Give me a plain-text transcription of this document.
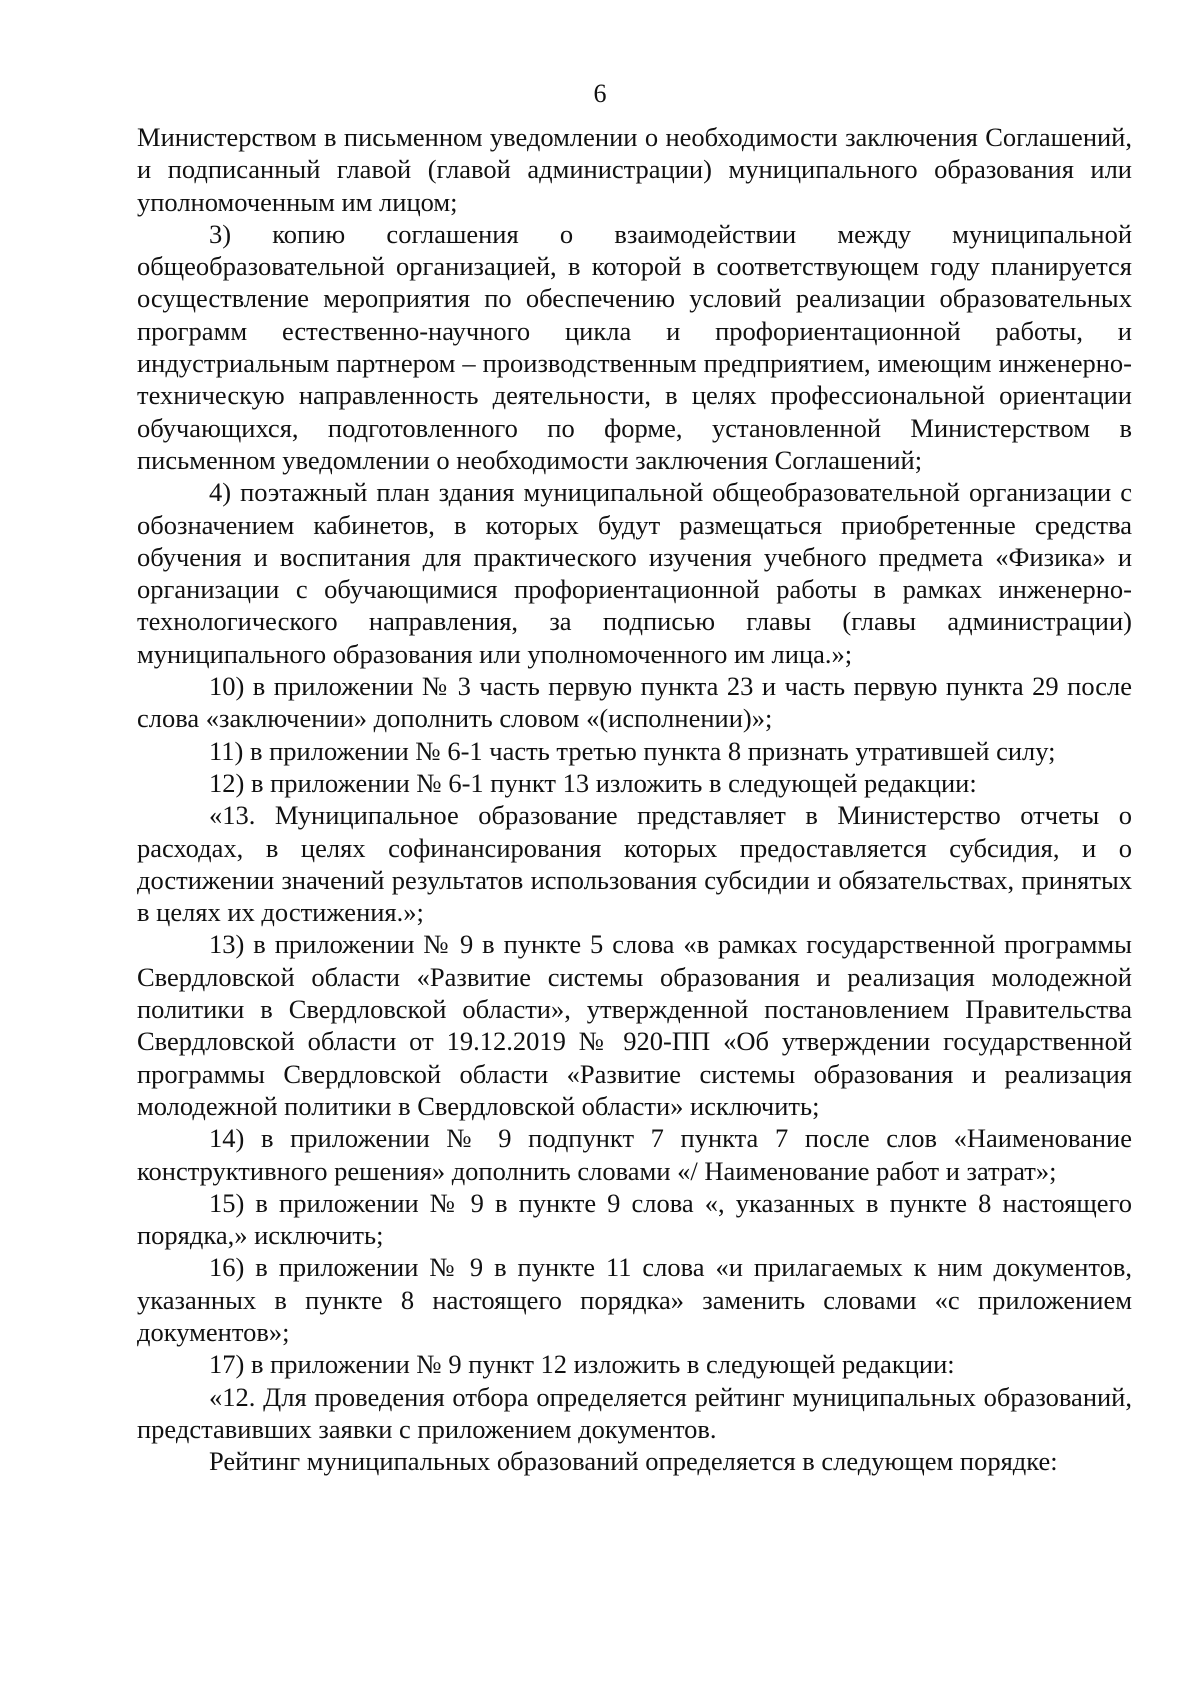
6

Министерством в письменном уведомлении о необходимости заключения Соглашений, и подписанный главой (главой администрации) муниципального образования или уполномоченным им лицом;

3) копию соглашения о взаимодействии между муниципальной общеобразовательной организацией, в которой в соответствующем году планируется осуществление мероприятия по обеспечению условий реализации образовательных программ естественно-научного цикла и профориентационной работы, и индустриальным партнером – производственным предприятием, имеющим инженерно-техническую направленность деятельности, в целях профессиональной ориентации обучающихся, подготовленного по форме, установленной Министерством в письменном уведомлении о необходимости заключения Соглашений;

4) поэтажный план здания муниципальной общеобразовательной организации с обозначением кабинетов, в которых будут размещаться приобретенные средства обучения и воспитания для практического изучения учебного предмета «Физика» и организации с обучающимися профориентационной работы в рамках инженерно-технологического направления, за подписью главы (главы администрации) муниципального образования или уполномоченного им лица.»;

10) в приложении № 3 часть первую пункта 23 и часть первую пункта 29 после слова «заключении» дополнить словом «(исполнении)»;

11) в приложении № 6-1 часть третью пункта 8 признать утратившей силу;

12) в приложении № 6-1 пункт 13 изложить в следующей редакции:

«13. Муниципальное образование представляет в Министерство отчеты о расходах, в целях софинансирования которых предоставляется субсидия, и о достижении значений результатов использования субсидии и обязательствах, принятых в целях их достижения.»;

13) в приложении № 9 в пункте 5 слова «в рамках государственной программы Свердловской области «Развитие системы образования и реализация молодежной политики в Свердловской области», утвержденной постановлением Правительства Свердловской области от 19.12.2019 № 920-ПП «Об утверждении государственной программы Свердловской области «Развитие системы образования и реализация молодежной политики в Свердловской области» исключить;

14) в приложении № 9 подпункт 7 пункта 7 после слов «Наименование конструктивного решения» дополнить словами «/ Наименование работ и затрат»;

15) в приложении № 9 в пункте 9 слова «, указанных в пункте 8 настоящего порядка,» исключить;

16) в приложении № 9 в пункте 11 слова «и прилагаемых к ним документов, указанных в пункте 8 настоящего порядка» заменить словами «с приложением документов»;

17) в приложении № 9 пункт 12 изложить в следующей редакции:

«12. Для проведения отбора определяется рейтинг муниципальных образований, представивших заявки с приложением документов.

Рейтинг муниципальных образований определяется в следующем порядке:
